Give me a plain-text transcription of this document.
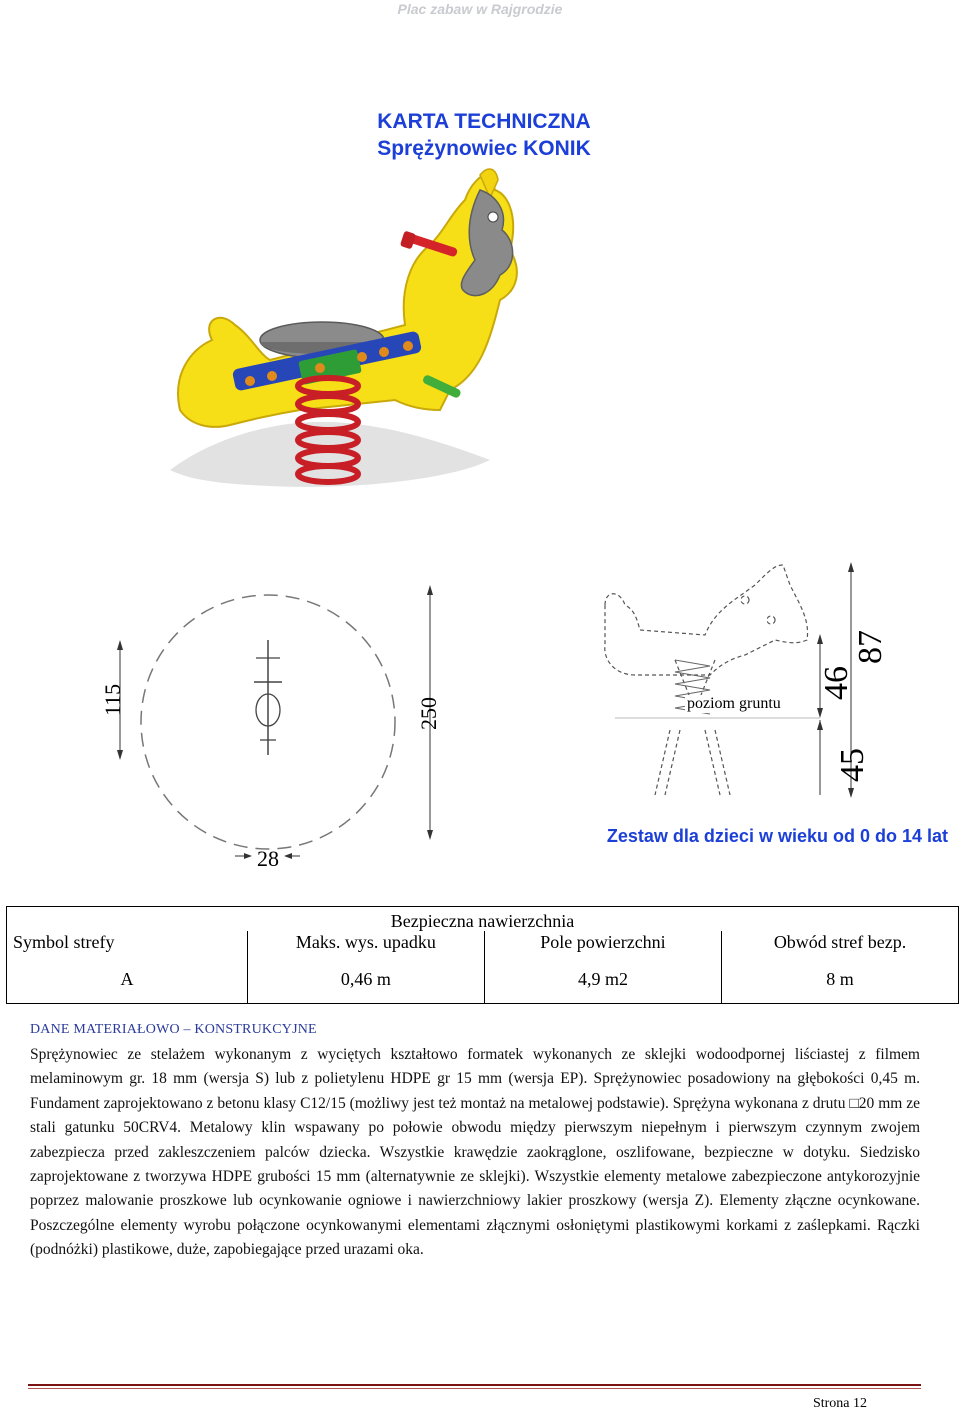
Plac zabaw w Rajgrodzie
KARTA TECHNICZNA
Sprężynowiec KONIK
115	250
28
poziom gruntu
46
87
45
Zestaw dla dzieci w wieku od 0 do 14 lat
Bezpieczna nawierzchnia			
Symbol strefy	Maks. wys. upadku	Pole powierzchni	Obwód stref bezp.
A	0,46 m	4,9 m2	8 m
DANE MATERIAŁOWO – KONSTRUKCYJNE
Sprężynowiec ze stelażem wykonanym z wyciętych kształtowo formatek wykonanych ze sklejki wodoodpornej liściastej z filmem melaminowym gr. 18 mm (wersja S) lub z polietylenu HDPE gr 15 mm (wersja EP). Sprężynowiec posadowiony na głębokości 0,45 m. Fundament zaprojektowano z betonu klasy C12/15 (możliwy jest też montaż na metalowej podstawie). Sprężyna wykonana z drutu □20 mm ze stali gatunku 50CRV4. Metalowy klin wspawany po połowie obwodu między pierwszym niepełnym i pierwszym czynnym zwojem zabezpiecza przed zakleszczeniem palców dziecka. Wszystkie krawędzie zaokrąglone, oszlifowane, bezpieczne w dotyku. Siedzisko zaprojektowane z tworzywa HDPE grubości 15 mm (alternatywnie ze sklejki). Wszystkie elementy metalowe zabezpieczone antykorozyjnie poprzez malowanie proszkowe lub ocynkowanie ogniowe i nawierzchniowy lakier proszkowy (wersja Z). Elementy złączne ocynkowane. Poszczególne elementy wyrobu połączone ocynkowanymi elementami złącznymi osłoniętymi plastikowymi korkami z zaślepkami. Rączki (podnóżki) plastikowe, duże, zapobiegające przed urazami oka.
Strona 12
